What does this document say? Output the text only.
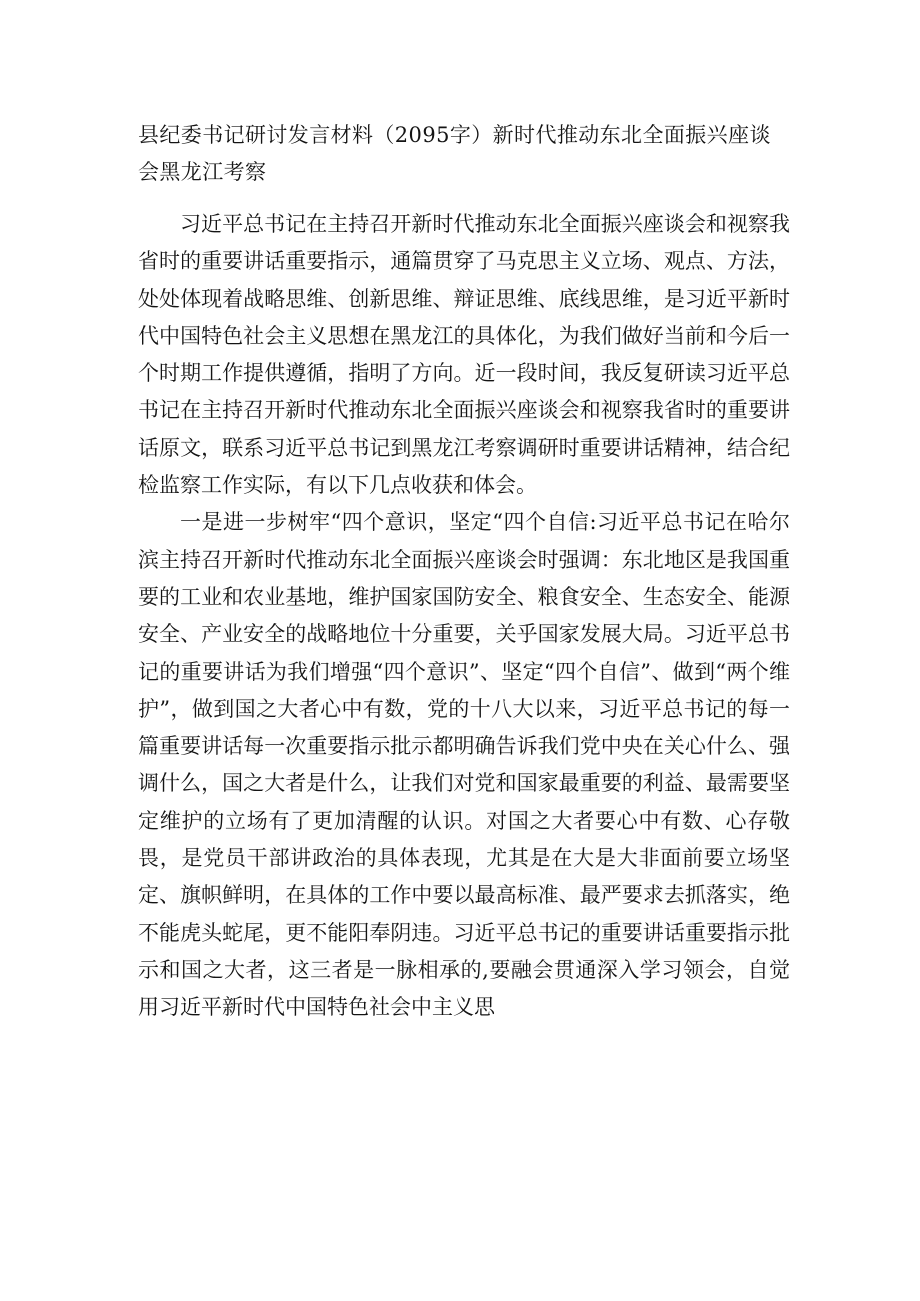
县纪委书记研讨发言材料（2095字）新时代推动东北全面振兴座谈会黑龙江考察

习近平总书记在主持召开新时代推动东北全面振兴座谈会和视察我省时的重要讲话重要指示，通篇贯穿了马克思主义立场、观点、方法，处处体现着战略思维、创新思维、辩证思维、底线思维，是习近平新时代中国特色社会主义思想在黑龙江的具体化，为我们做好当前和今后一个时期工作提供遵循，指明了方向。近一段时间，我反复研读习近平总书记在主持召开新时代推动东北全面振兴座谈会和视察我省时的重要讲话原文，联系习近平总书记到黑龙江考察调研时重要讲话精神，结合纪检监察工作实际，有以下几点收获和体会。

一是进一步树牢“四个意识，坚定“四个自信:习近平总书记在哈尔滨主持召开新时代推动东北全面振兴座谈会时强调：东北地区是我国重要的工业和农业基地，维护国家国防安全、粮食安全、生态安全、能源安全、产业安全的战略地位十分重要，关乎国家发展大局。习近平总书记的重要讲话为我们增强“四个意识”、坚定“四个自信”、做到“两个维护”，做到国之大者心中有数，党的十八大以来，习近平总书记的每一篇重要讲话每一次重要指示批示都明确告诉我们党中央在关心什么、强调什么，国之大者是什么，让我们对党和国家最重要的利益、最需要坚定维护的立场有了更加清醒的认识。对国之大者要心中有数、心存敬畏，是党员干部讲政治的具体表现，尤其是在大是大非面前要立场坚定、旗帜鲜明，在具体的工作中要以最高标准、最严要求去抓落实，绝不能虎头蛇尾，更不能阳奉阴违。习近平总书记的重要讲话重要指示批示和国之大者，这三者是一脉相承的,要融会贯通深入学习领会，自觉用习近平新时代中国特色社会中主义思
